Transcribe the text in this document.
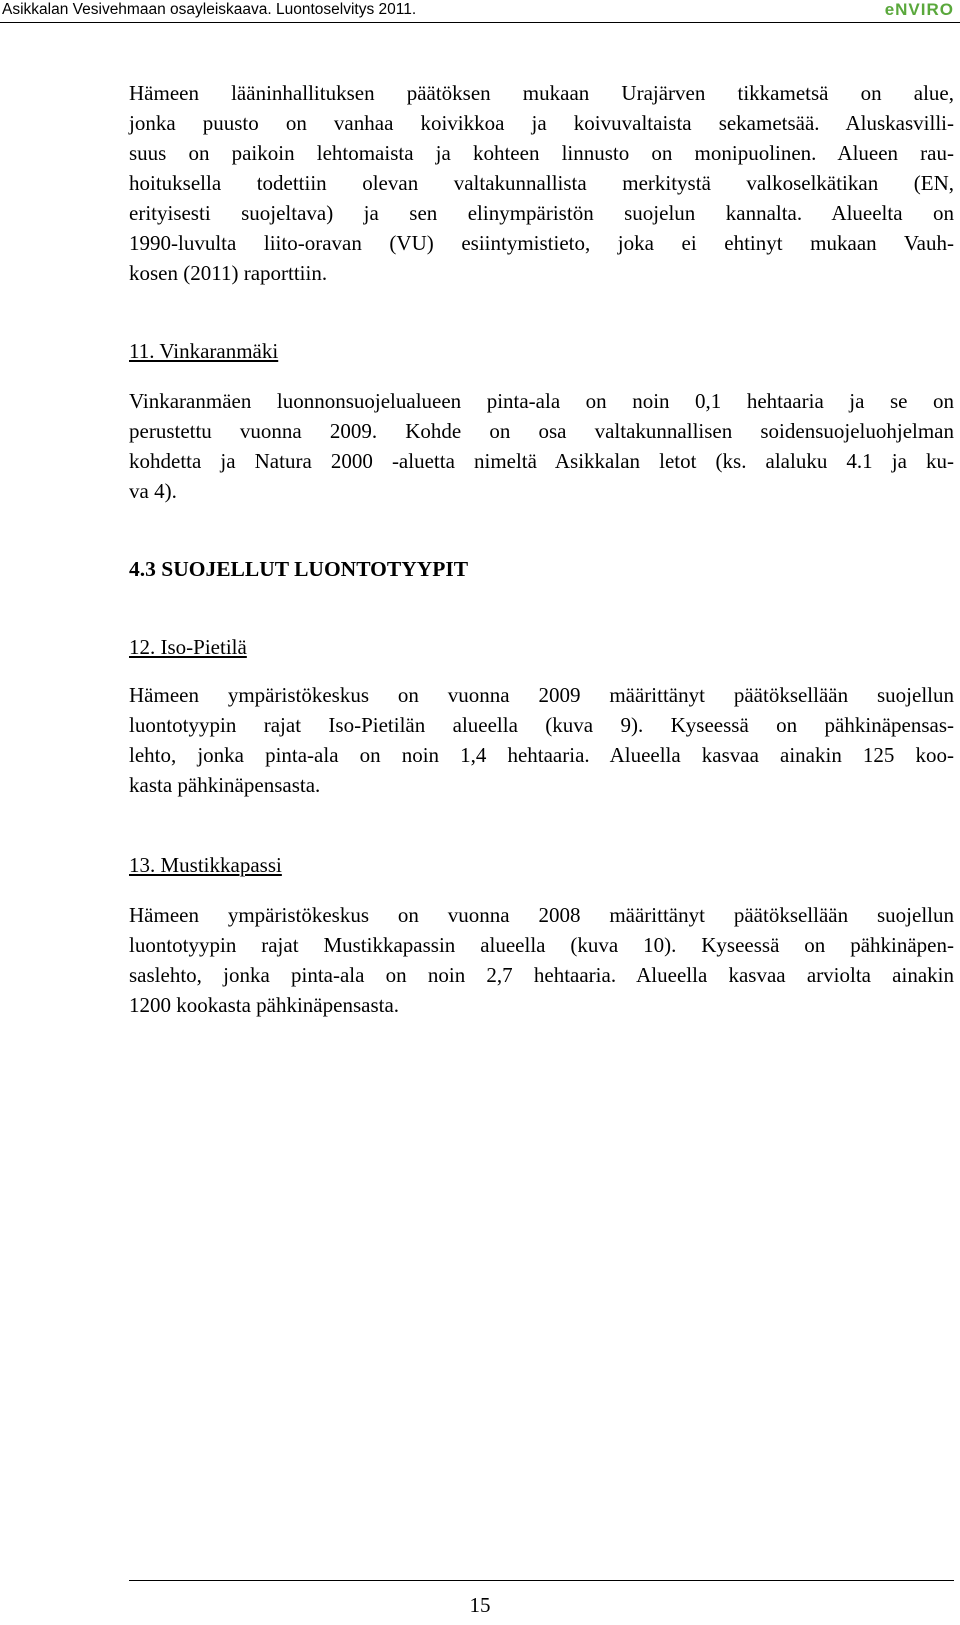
Asikkalan Vesivehmaan osayleiskaava. Luontoselvitys 2011.	eNVIRO

Hämeen lääninhallituksen päätöksen mukaan Urajärven tikkametsä on alue,
jonka puusto on vanhaa koivikkoa ja koivuvaltaista sekametsää. Aluskasvilli-
suus on paikoin lehtomaista ja kohteen linnusto on monipuolinen. Alueen rau-
hoituksella todettiin olevan valtakunnallista merkitystä valkoselkätikan (EN,
erityisesti suojeltava) ja sen elinympäristön suojelun kannalta. Alueelta on
1990-luvulta liito-oravan (VU) esiintymistieto, joka ei ehtinyt mukaan Vauh-
kosen (2011) raporttiin.

11. Vinkaranmäki

Vinkaranmäen luonnonsuojelualueen pinta-ala on noin 0,1 hehtaaria ja se on
perustettu vuonna 2009. Kohde on osa valtakunnallisen soidensuojeluohjelman
kohdetta ja Natura 2000 -aluetta nimeltä Asikkalan letot (ks. alaluku 4.1 ja ku-
va 4).

4.3 SUOJELLUT LUONTOTYYPIT

12. Iso-Pietilä

Hämeen ympäristökeskus on vuonna 2009 määrittänyt päätöksellään suojellun
luontotyypin rajat Iso-Pietilän alueella (kuva 9). Kyseessä on pähkinäpensas-
lehto, jonka pinta-ala on noin 1,4 hehtaaria. Alueella kasvaa ainakin 125 koo-
kasta pähkinäpensasta.

13. Mustikkapassi

Hämeen ympäristökeskus on vuonna 2008 määrittänyt päätöksellään suojellun
luontotyypin rajat Mustikkapassin alueella (kuva 10). Kyseessä on pähkinäpen-
saslehto, jonka pinta-ala on noin 2,7 hehtaaria. Alueella kasvaa arviolta ainakin
1200 kookasta pähkinäpensasta.

15
